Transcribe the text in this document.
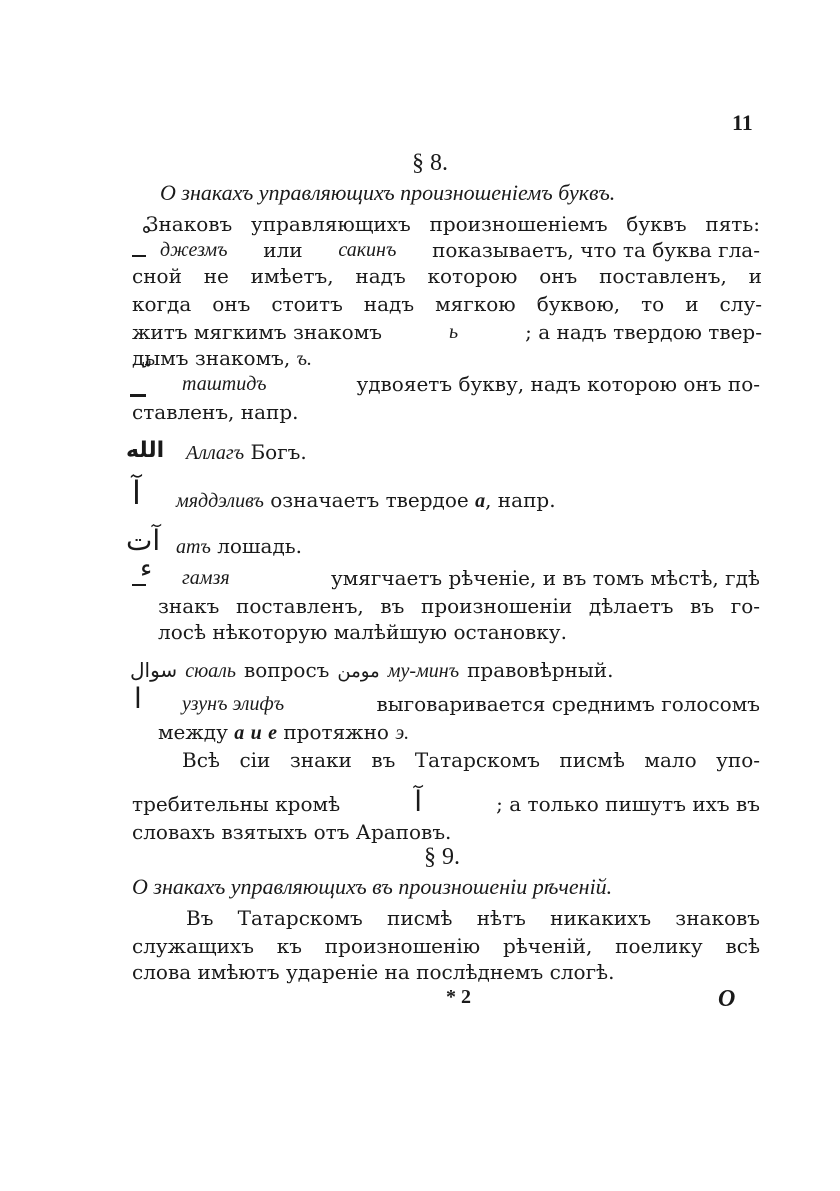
11
§ 8.
О знакахъ управляющихъ произношенiемъ буквъ.
Знаковъ управляющихъ произношенiемъ буквъ пять:
джезмъ или сакинъ показываетъ, что та буква гла-
сной не имѣетъ, надъ которою онъ поставленъ, и
когда онъ стоитъ надъ мягкою буквою, то и слу-
житъ мягкимъ знакомъ	ь	; а надъ твердою твер-
дымъ знакомъ, ъ.
таштидъ	удвояетъ букву, надъ которою онъ по-
ставленъ, напр.
الله Аллагъ Богъ.
آ мяддэливъ означаетъ твердое а, напр.
آت атъ лошадь.
ء гамзя	умягчаетъ рѣченiе, и въ томъ мѣстѣ, гдѣ
знакъ поставленъ, въ произношенiи дѣлаетъ въ го-
лосѣ нѣкоторую малѣйшую остановку.
سوال сюаль вопросъ مومن му-минъ правовѣрный.
ا узунъ элифъ	выговаривается среднимъ голосомъ
между а и е протяжно э.
Всѣ сiи знаки въ Татарскомъ писмѣ мало упо-
требительны кромѣ	آ	; а только пишутъ ихъ въ
словахъ взятыхъ отъ Араповъ.
§ 9.
О знакахъ управляющихъ въ произношенiи рѣченiй.
Въ Татарскомъ писмѣ нѣтъ никакихъ знаковъ
служащихъ къ произношенiю рѣченiй, поелику всѣ
слова имѣютъ ударенiе на послѣднемъ слогѣ.
* 2	О
